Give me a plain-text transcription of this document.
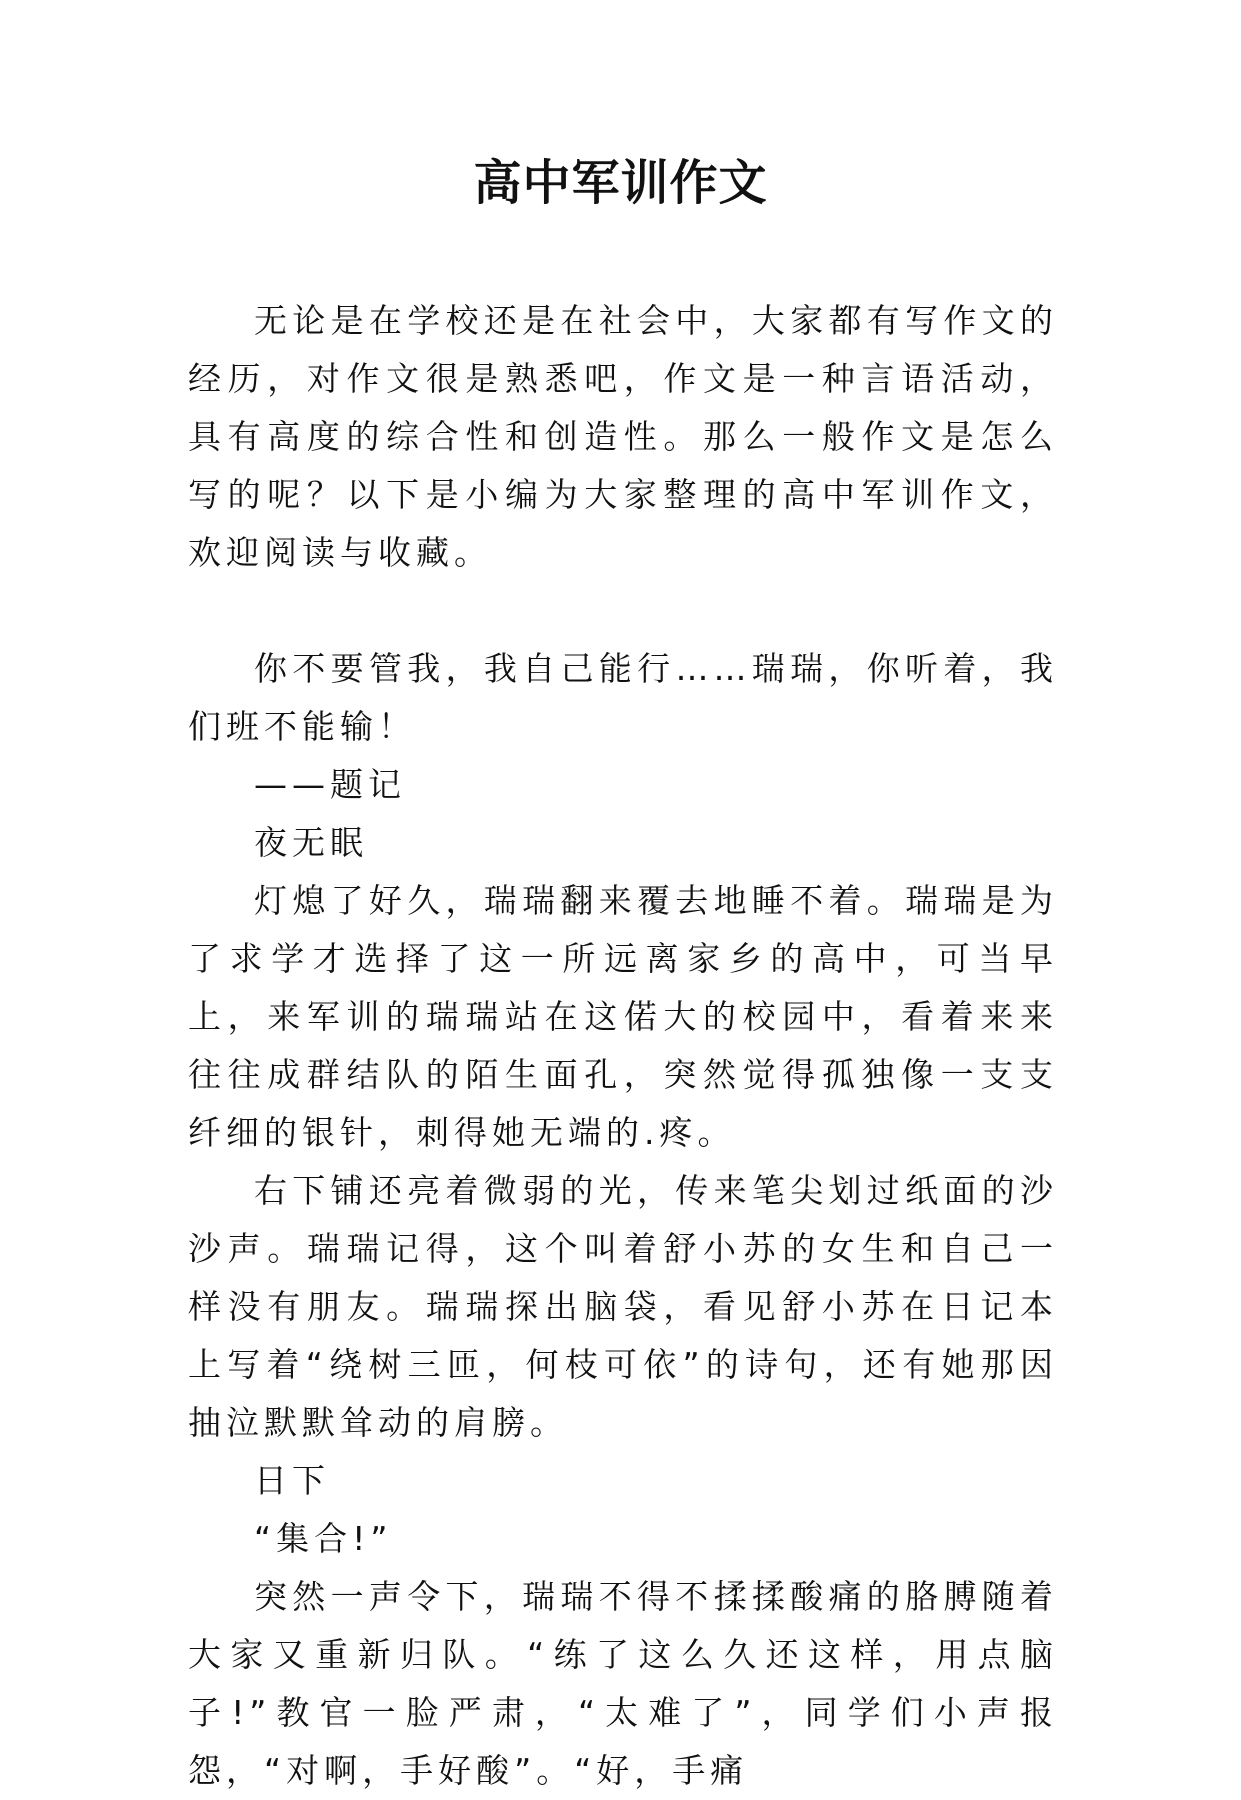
高中军训作文

无论是在学校还是在社会中，大家都有写作文的经历，对作文很是熟悉吧，作文是一种言语活动，具有高度的综合性和创造性。那么一般作文是怎么写的呢？以下是小编为大家整理的高中军训作文，欢迎阅读与收藏。

你不要管我，我自己能行……瑞瑞，你听着，我们班不能输！

——题记

夜无眠

灯熄了好久，瑞瑞翻来覆去地睡不着。瑞瑞是为了求学才选择了这一所远离家乡的高中，可当早上，来军训的瑞瑞站在这偌大的校园中，看着来来往往成群结队的陌生面孔，突然觉得孤独像一支支纤细的银针，刺得她无端的.疼。

右下铺还亮着微弱的光，传来笔尖划过纸面的沙沙声。瑞瑞记得，这个叫着舒小苏的女生和自己一样没有朋友。瑞瑞探出脑袋，看见舒小苏在日记本上写着“绕树三匝，何枝可依”的诗句，还有她那因抽泣默默耸动的肩膀。

日下

“集合!”

突然一声令下，瑞瑞不得不揉揉酸痛的胳膊随着大家又重新归队。“练了这么久还这样，用点脑子!”教官一脸严肃，“太难了”，同学们小声报怨，“对啊，手好酸”。“好，手痛
